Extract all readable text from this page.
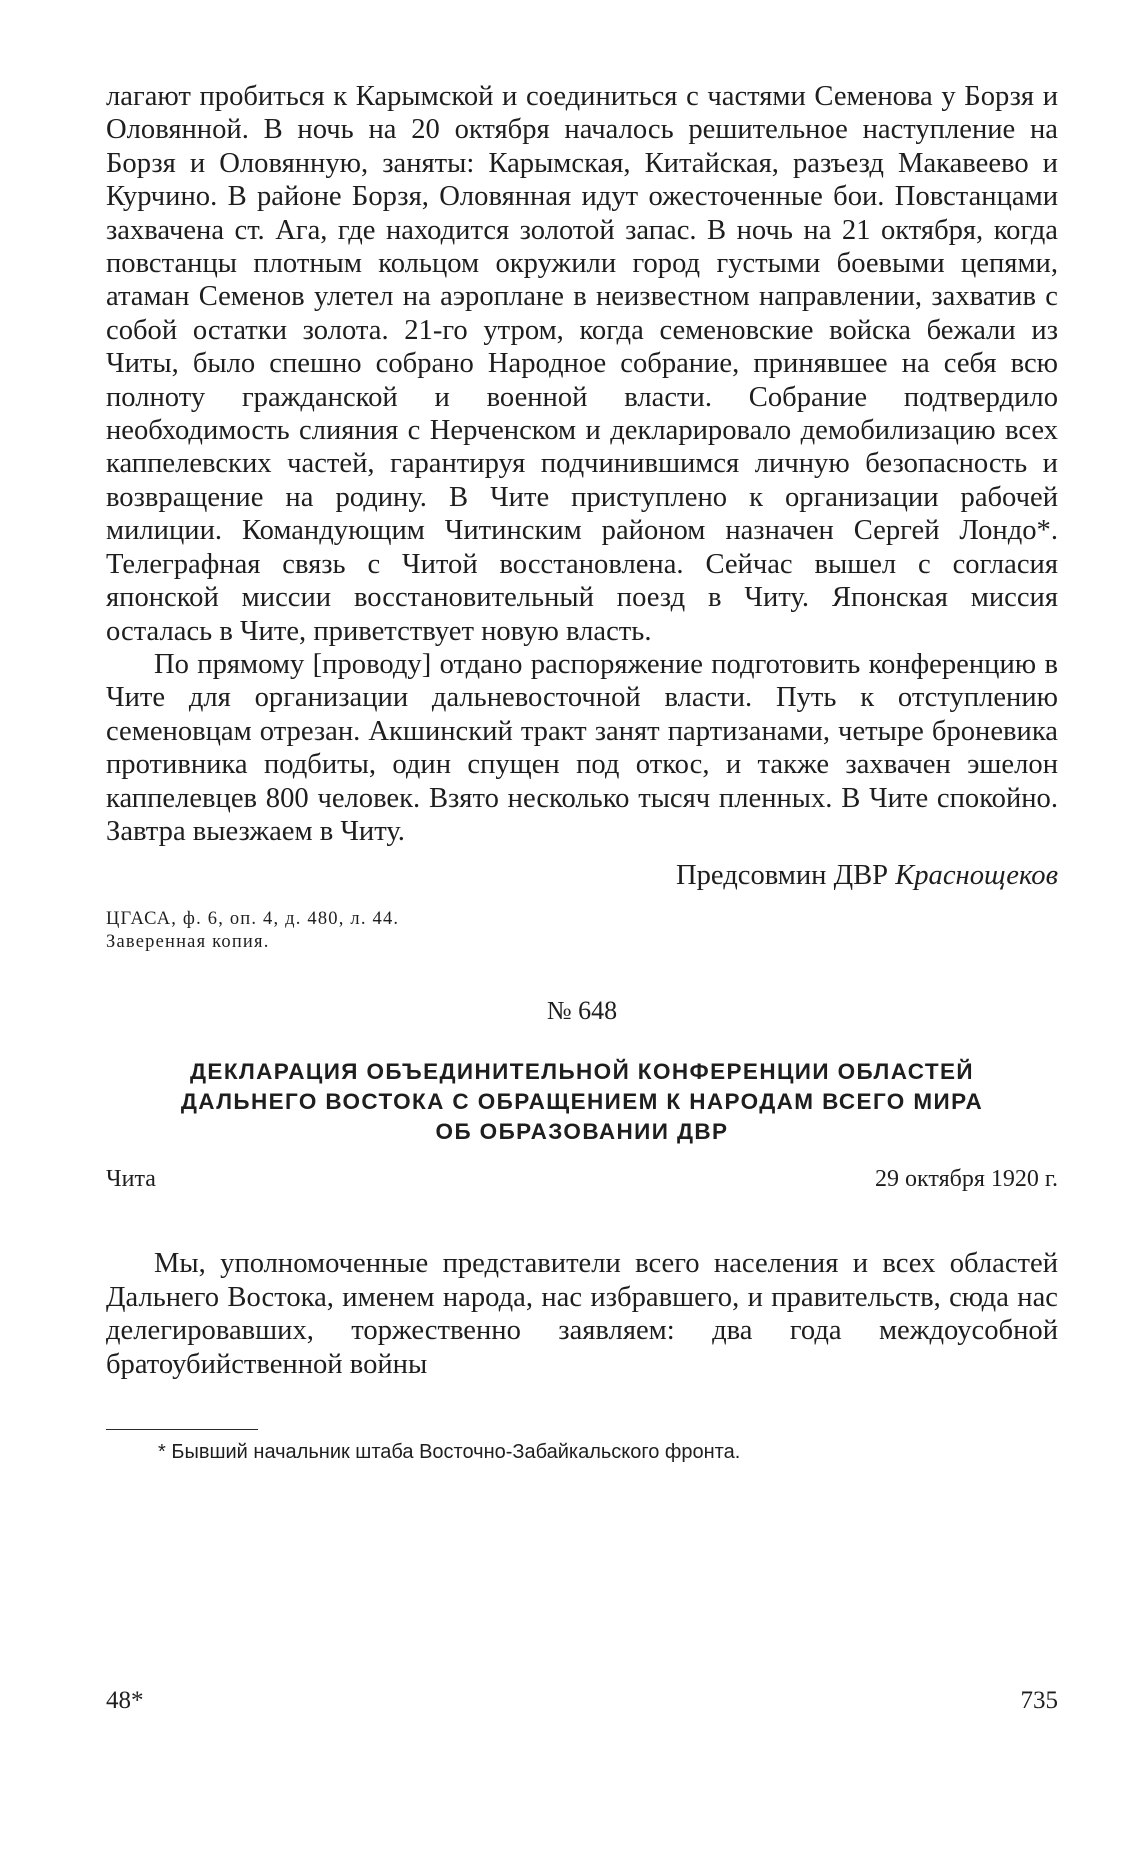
лагают пробиться к Карымской и соединиться с частями Семенова у Борзя и Оловянной. В ночь на 20 октября началось решительное наступление на Борзя и Оловянную, заняты: Карымская, Китайская, разъезд Макавеево и Курчино. В районе Борзя, Оловянная идут ожесточенные бои. Повстанцами захвачена ст. Ага, где находится золотой запас. В ночь на 21 октября, когда повстанцы плотным кольцом окружили город густыми боевыми цепями, атаман Семенов улетел на аэроплане в неизвестном направлении, захватив с собой остатки золота. 21-го утром, когда семеновские войска бежали из Читы, было спешно собрано Народное собрание, принявшее на себя всю полноту гражданской и военной власти. Собрание подтвердило необходимость слияния с Нерченском и декларировало демобилизацию всех каппелевских частей, гарантируя подчинившимся личную безопасность и возвращение на родину. В Чите приступлено к организации рабочей милиции. Командующим Читинским районом назначен Сергей Лондо*. Телеграфная связь с Читой восстановлена. Сейчас вышел с согласия японской миссии восстановительный поезд в Читу. Японская миссия осталась в Чите, приветствует новую власть.

По прямому [проводу] отдано распоряжение подготовить конференцию в Чите для организации дальневосточной власти. Путь к отступлению семеновцам отрезан. Акшинский тракт занят партизанами, четыре броневика противника подбиты, один спущен под откос, и также захвачен эшелон каппелевцев 800 человек. Взято несколько тысяч пленных. В Чите спокойно. Завтра выезжаем в Читу.

Предсовмин ДВР Краснощеков
ЦГАСА, ф. 6, оп. 4, д. 480, л. 44.
Заверенная копия.
№ 648
ДЕКЛАРАЦИЯ ОБЪЕДИНИТЕЛЬНОЙ КОНФЕРЕНЦИИ ОБЛАСТЕЙ
ДАЛЬНЕГО ВОСТОКА С ОБРАЩЕНИЕМ К НАРОДАМ ВСЕГО МИРА
ОБ ОБРАЗОВАНИИ ДВР
Чита	29 октября 1920 г.

Мы, уполномоченные представители всего населения и всех областей Дальнего Востока, именем народа, нас избравшего, и правительств, сюда нас делегировавших, торжественно заявляем: два года междоусобной братоубийственной войны

* Бывший начальник штаба Восточно-Забайкальского фронта.
48*	735
